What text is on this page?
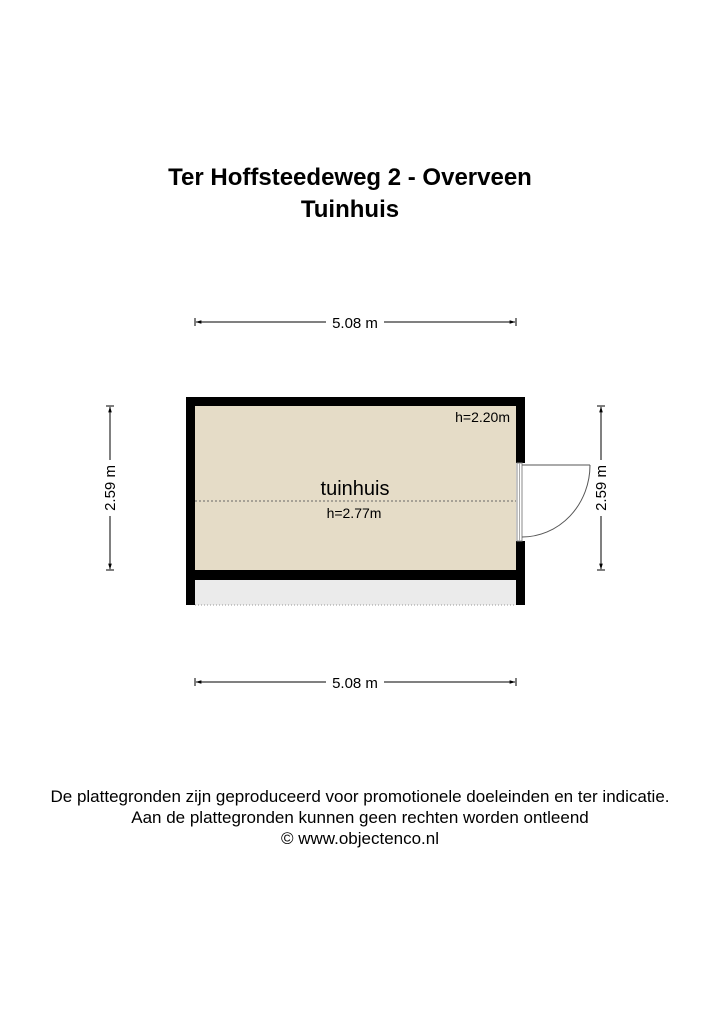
Ter Hoffsteedeweg 2 - Overveen
Tuinhuis
5.08 m
5.08 m
2.59 m	2.59 m
tuinhuis
h=2.77m
h=2.20m
De plattegronden zijn geproduceerd voor promotionele doeleinden en ter indicatie.
Aan de plattegronden kunnen geen rechten worden ontleend
© www.objectenco.nl
